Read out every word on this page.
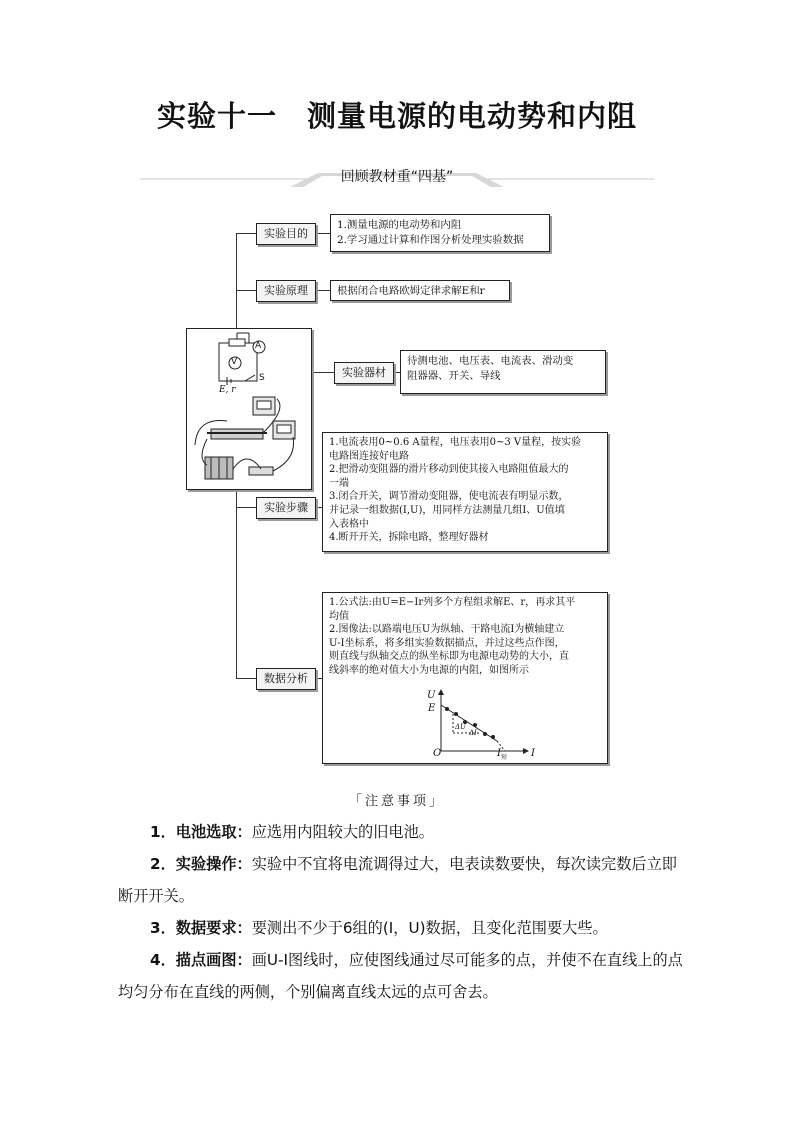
实验十一　测量电源的电动势和内阻
回顾教材重“四基”
实验目的
1.测量电源的电动势和内阻
2.学习通过计算和作图分析处理实验数据
实验原理	根据闭合电路欧姆定律求解E和r
A
V
S
E, r
实验器材
待测电池、电压表、电流表、滑动变
阻器器、开关、导线
实验步骤
1.电流表用0~0.6 A量程，电压表用0~3 V量程，按实验
电路图连接好电路
2.把滑动变阻器的滑片移动到使其接入电路阻值最大的
一端
3.闭合开关，调节滑动变阻器，使电流表有明显示数，
并记录一组数据(I,U)，用同样方法测量几组I、U值填
入表格中
4.断开开关，拆除电路，整理好器材
数据分析
1.公式法:由U=E−Ir列多个方程组求解E、r，再求其平
均值
2.图像法:以路端电压U为纵轴、干路电流I为横轴建立
U-I坐标系，将多组实验数据描点，并过这些点作图，
则直线与纵轴交点的纵坐标即为电源电动势的大小，直
线斜率的绝对值大小为电源的内阻，如图所示
U
E
ΔU
ΔI
O	$I_短$ I
「注意事项」
1．电池选取：应选用内阻较大的旧电池。
2．实验操作：实验中不宜将电流调得过大，电表读数要快，每次读完数后立即断开开关。
3．数据要求：要测出不少于6组的(I，U)数据，且变化范围要大些。
4．描点画图：画U-I图线时，应使图线通过尽可能多的点，并使不在直线上的点均匀分布在直线的两侧，个别偏离直线太远的点可舍去。
